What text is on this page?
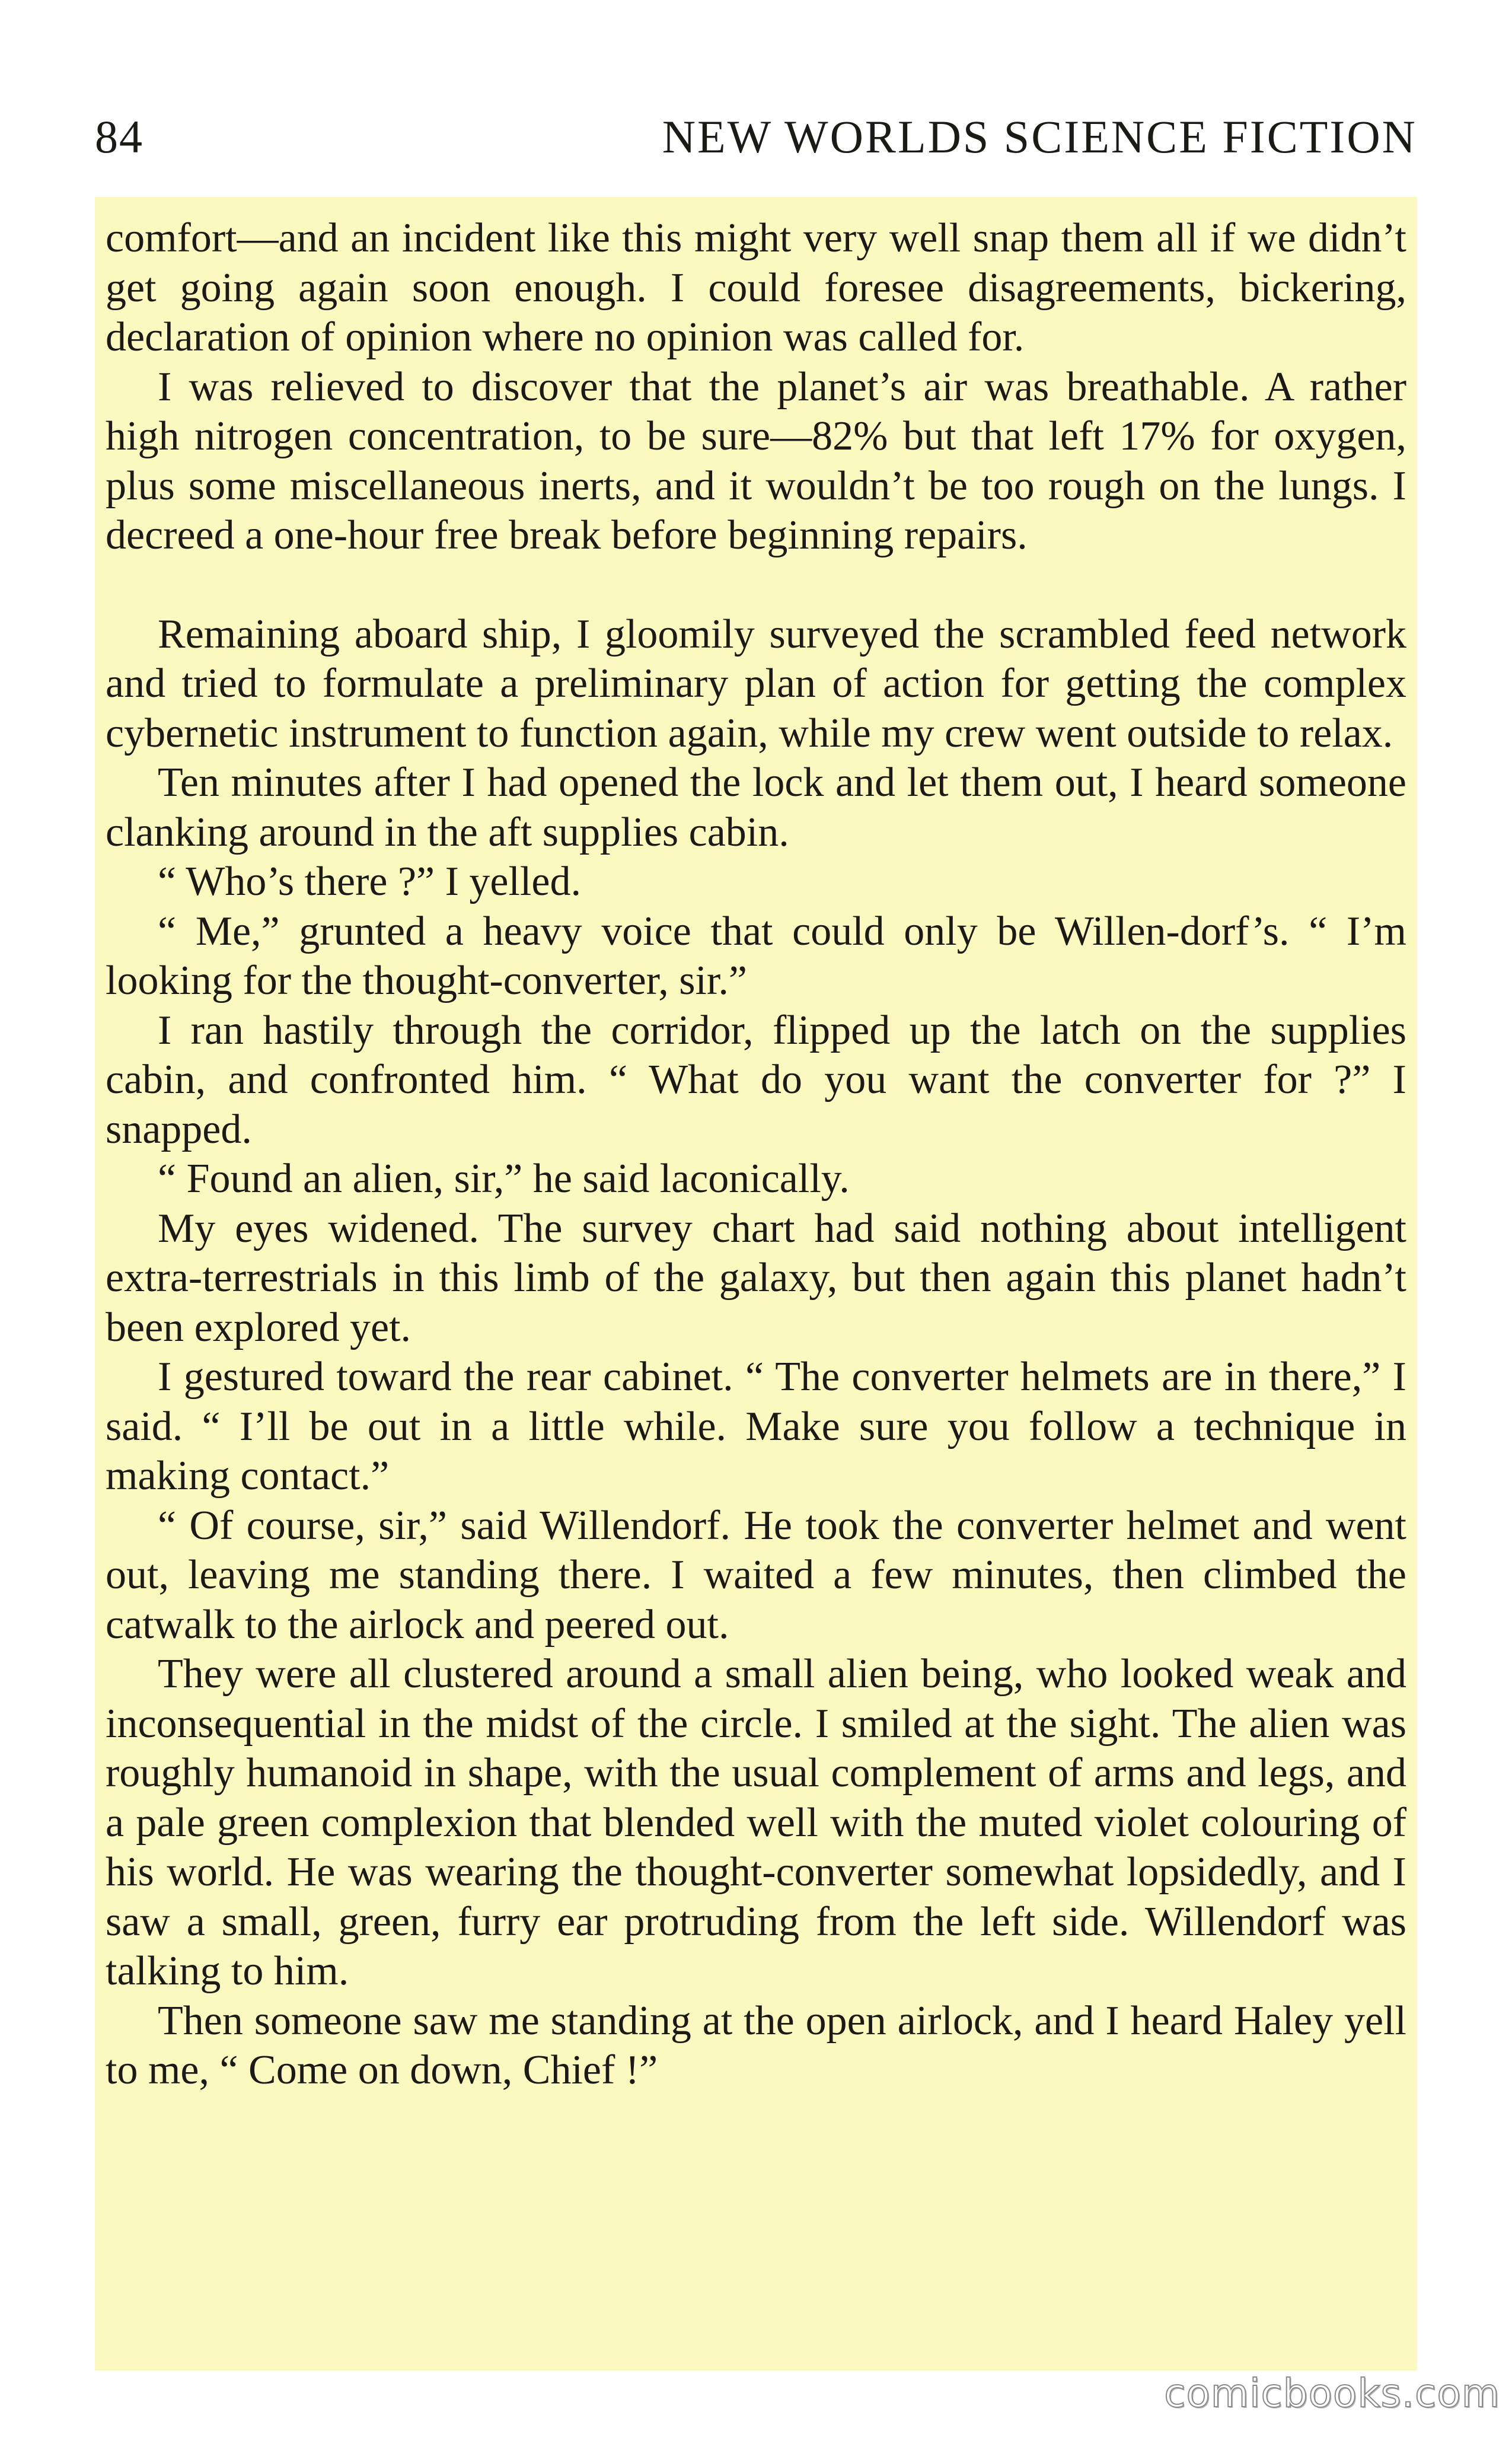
84	NEW WORLDS SCIENCE FICTION

comfort—and an incident like this might very well snap them all if we didn’t get going again soon enough. I could foresee disagreements, bickering, declaration of opinion where no opinion was called for.

I was relieved to discover that the planet’s air was breathable. A rather high nitrogen concentration, to be sure—82% but that left 17% for oxygen, plus some miscellaneous inerts, and it wouldn’t be too rough on the lungs. I decreed a one-hour free break before beginning repairs.

Remaining aboard ship, I gloomily surveyed the scrambled feed network and tried to formulate a preliminary plan of action for getting the complex cybernetic instrument to function again, while my crew went outside to relax.

Ten minutes after I had opened the lock and let them out, I heard someone clanking around in the aft supplies cabin.

“ Who’s there ?” I yelled.

“ Me,” grunted a heavy voice that could only be Willen-dorf’s. “ I’m looking for the thought-converter, sir.”

I ran hastily through the corridor, flipped up the latch on the supplies cabin, and confronted him. “ What do you want the converter for ?” I snapped.

“ Found an alien, sir,” he said laconically.

My eyes widened. The survey chart had said nothing about intelligent extra-terrestrials in this limb of the galaxy, but then again this planet hadn’t been explored yet.

I gestured toward the rear cabinet. “ The converter helmets are in there,” I said. “ I’ll be out in a little while. Make sure you follow a technique in making contact.”

“ Of course, sir,” said Willendorf. He took the converter helmet and went out, leaving me standing there. I waited a few minutes, then climbed the catwalk to the airlock and peered out.

They were all clustered around a small alien being, who looked weak and inconsequential in the midst of the circle. I smiled at the sight. The alien was roughly humanoid in shape, with the usual complement of arms and legs, and a pale green complexion that blended well with the muted violet colouring of his world. He was wearing the thought-converter somewhat lopsidedly, and I saw a small, green, furry ear protruding from the left side. Willendorf was talking to him.

Then someone saw me standing at the open airlock, and I heard Haley yell to me, “ Come on down, Chief !”

comicbooks.com
